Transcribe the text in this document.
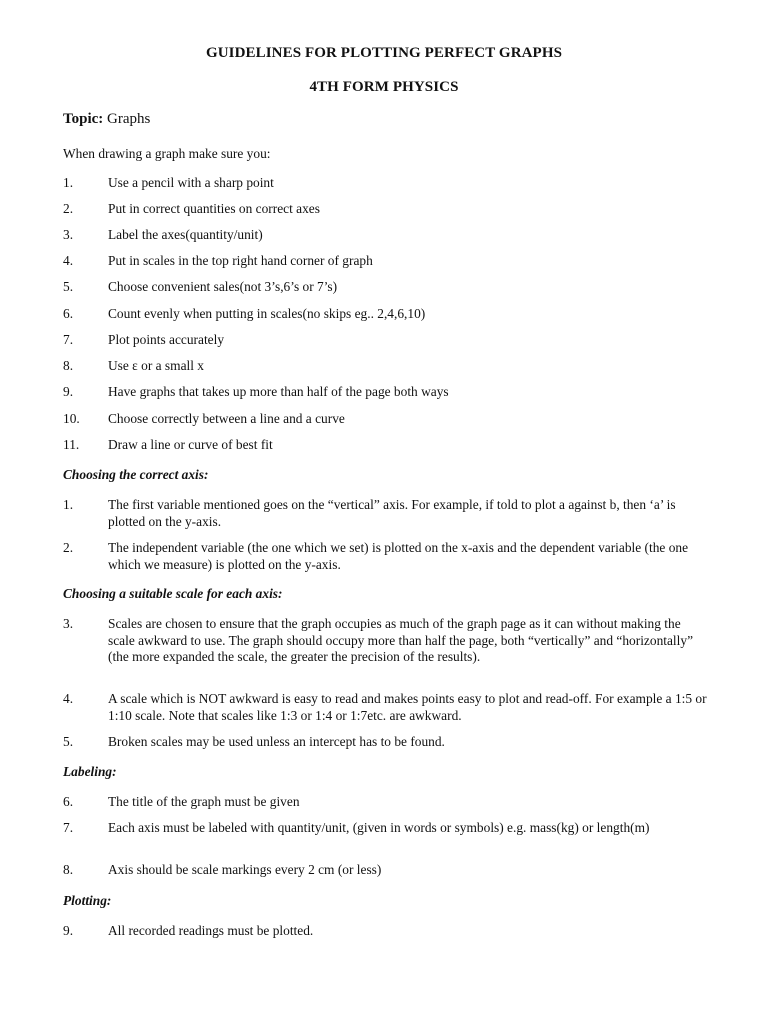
GUIDELINES FOR PLOTTING PERFECT GRAPHS
4TH FORM PHYSICS
Topic: Graphs
When drawing a graph make sure you:
1.	Use a pencil with a sharp point
2.	Put in correct quantities on correct axes
3.	Label the axes(quantity/unit)
4.	Put in scales in the top right hand corner of graph
5.	Choose convenient sales(not 3’s,6’s or 7’s)
6.	Count evenly when putting in scales(no skips eg.. 2,4,6,10)
7.	Plot points accurately
8.	Use ɛ or a small x
9.	Have graphs that takes up more than half of the page both ways
10. Choose correctly between a line and a curve
11. Draw a line or curve of best fit
Choosing the correct axis:
1.	The first variable mentioned goes on the “vertical” axis. For example, if told to plot a against b, then ‘a’ is plotted on the y-axis.
2.	The independent variable (the one which we set) is plotted on the x-axis and the dependent variable (the one which we measure) is plotted on the y-axis.
Choosing a suitable scale for each axis:
3.	Scales are chosen to ensure that the graph occupies as much of the graph page as it can without making the scale awkward to use. The graph should occupy more than half the page, both “vertically” and “horizontally” (the more expanded the scale, the greater the precision of the results).
4.	A scale which is NOT awkward is easy to read and makes points easy to plot and read-off. For example a 1:5 or 1:10 scale. Note that scales like 1:3 or 1:4 or 1:7etc. are awkward.
5.	Broken scales may be used unless an intercept has to be found.
Labeling:
6.	The title of the graph must be given
7.	Each axis must be labeled with quantity/unit, (given in words or symbols) e.g. mass(kg) or length(m)
8.	Axis should be scale markings every 2 cm (or less)
Plotting:
9.	All recorded readings must be plotted.
